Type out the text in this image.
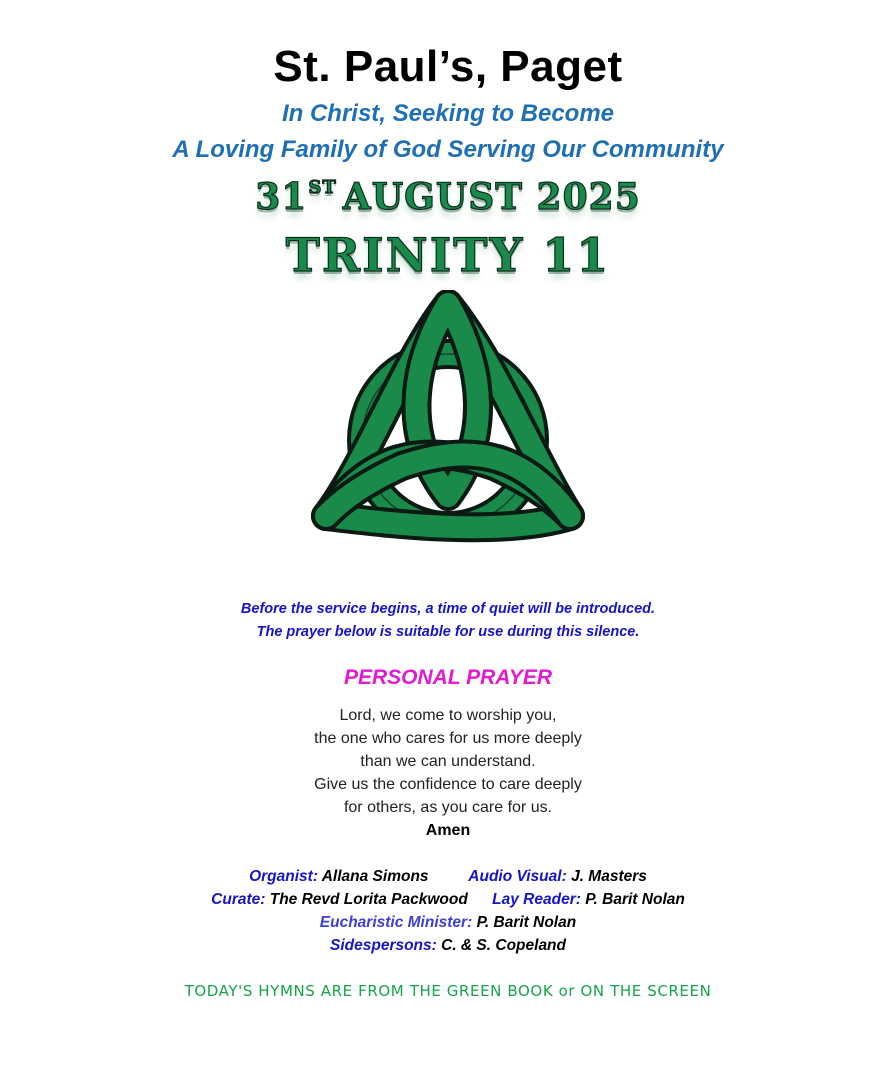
St. Paul’s, Paget
In Christ, Seeking to Become
A Loving Family of God Serving Our Community
31ST AUGUST 2025
TRINITY 11
Before the service begins, a time of quiet will be introduced.
The prayer below is suitable for use during this silence.
PERSONAL PRAYER
Lord, we come to worship you,
the one who cares for us more deeply
than we can understand.
Give us the confidence to care deeply
for others, as you care for us.
Amen
Organist: Allana Simons	Audio Visual: J. Masters
Curate: The Revd Lorita Packwood Lay Reader: P. Barit Nolan
Eucharistic Minister: P. Barit Nolan
Sidespersons: C. & S. Copeland
TODAY'S HYMNS ARE FROM THE GREEN BOOK or ON THE SCREEN
